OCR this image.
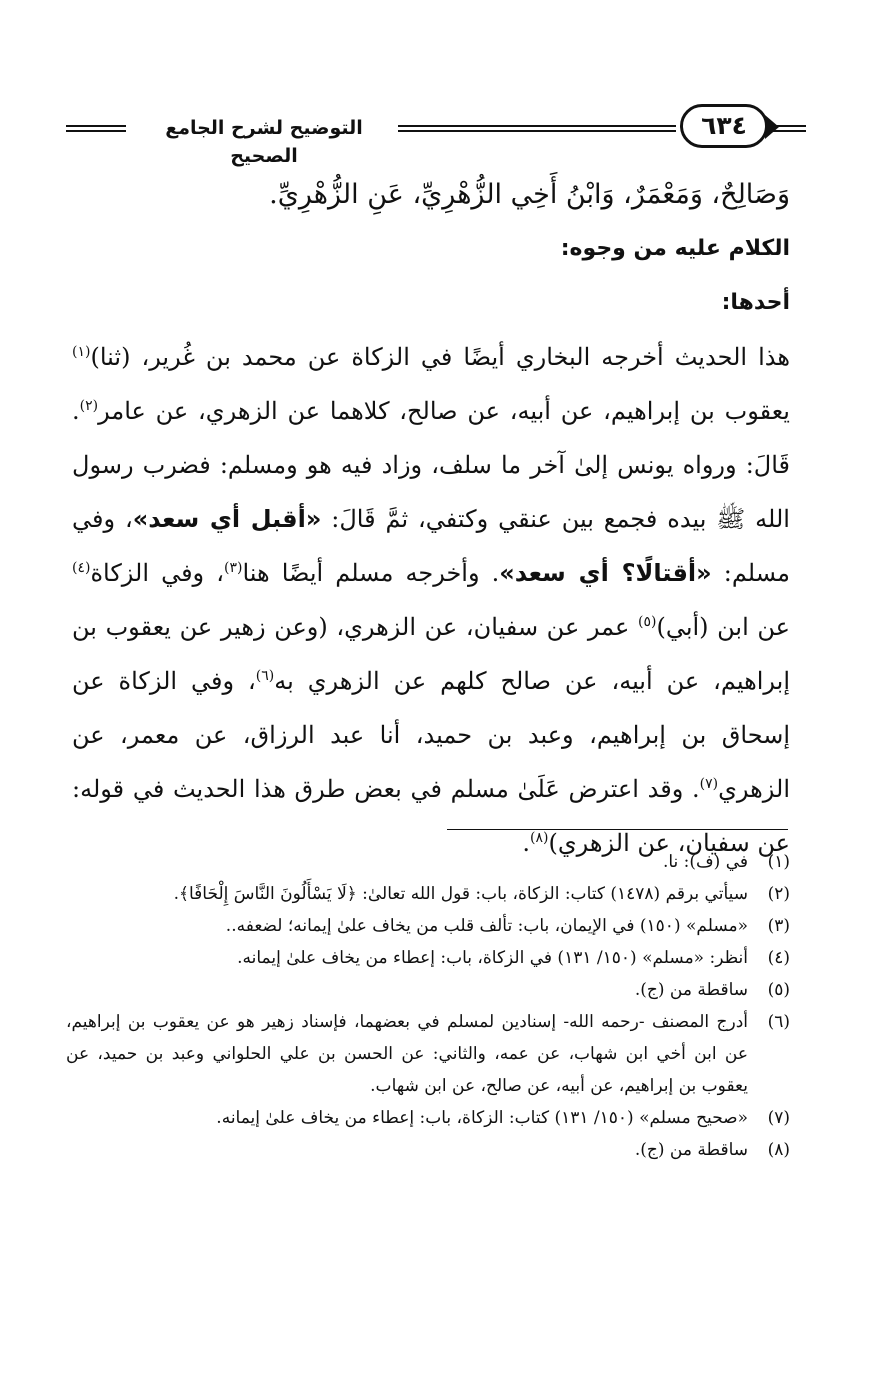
التوضيح لشرح الجامع الصحيح
٦٣٤

وَصَالِحٌ، وَمَعْمَرٌ، وَابْنُ أَخِي الزُّهْرِيِّ، عَنِ الزُّهْرِيِّ.

الكلام عليه من وجوه:

أحدها:

هذا الحديث أخرجه البخاري أيضًا في الزكاة عن محمد بن غُرير، (ثنا)$^{(١)}$ يعقوب بن إبراهيم، عن أبيه، عن صالح، كلاهما عن الزهري، عن عامر$^{(٢)}$. قَالَ: ورواه يونس إلىٰ آخر ما سلف، وزاد فيه هو ومسلم: فضرب رسول الله ﷺ بيده فجمع بين عنقي وكتفي، ثمَّ قَالَ: «أقبل أي سعد»، وفي مسلم: «أقتالًا؟ أي سعد». وأخرجه مسلم أيضًا هنا$^{(٣)}$، وفي الزكاة$^{(٤)}$ عن ابن (أبي)$^{(٥)}$ عمر عن سفيان، عن الزهري، (وعن زهير عن يعقوب بن إبراهيم، عن أبيه، عن صالح كلهم عن الزهري به$^{(٦)}$، وفي الزكاة عن إسحاق بن إبراهيم، وعبد بن حميد، أنا عبد الرزاق، عن معمر، عن الزهري$^{(٧)}$. وقد اعترض عَلَىٰ مسلم في بعض طرق هذا الحديث في قوله: عن سفيان، عن الزهري)$^{(٨)}$.

(١)
في (ف): نا.
(٢)
سيأتي برقم (١٤٧٨) كتاب: الزكاة، باب: قول الله تعالىٰ: ﴿لَا يَسْأَلُونَ النَّاسَ إِلْحَافًا﴾.
(٣)
«مسلم» (١٥٠) في الإيمان، باب: تألف قلب من يخاف علىٰ إيمانه؛ لضعفه..
(٤)
أنظر: «مسلم» (١٥٠/ ١٣١) في الزكاة، باب: إعطاء من يخاف علىٰ إيمانه.
(٥)
ساقطة من (ج).
(٦)
أدرج المصنف -رحمه الله- إسنادين لمسلم في بعضهما، فإسناد زهير هو عن يعقوب بن إبراهيم، عن ابن أخي ابن شهاب، عن عمه، والثاني: عن الحسن بن علي الحلواني وعبد بن حميد، عن يعقوب بن إبراهيم، عن أبيه، عن صالح، عن ابن شهاب.
(٧)
«صحيح مسلم» (١٥٠/ ١٣١) كتاب: الزكاة، باب: إعطاء من يخاف علىٰ إيمانه.
(٨)
ساقطة من (ج).
